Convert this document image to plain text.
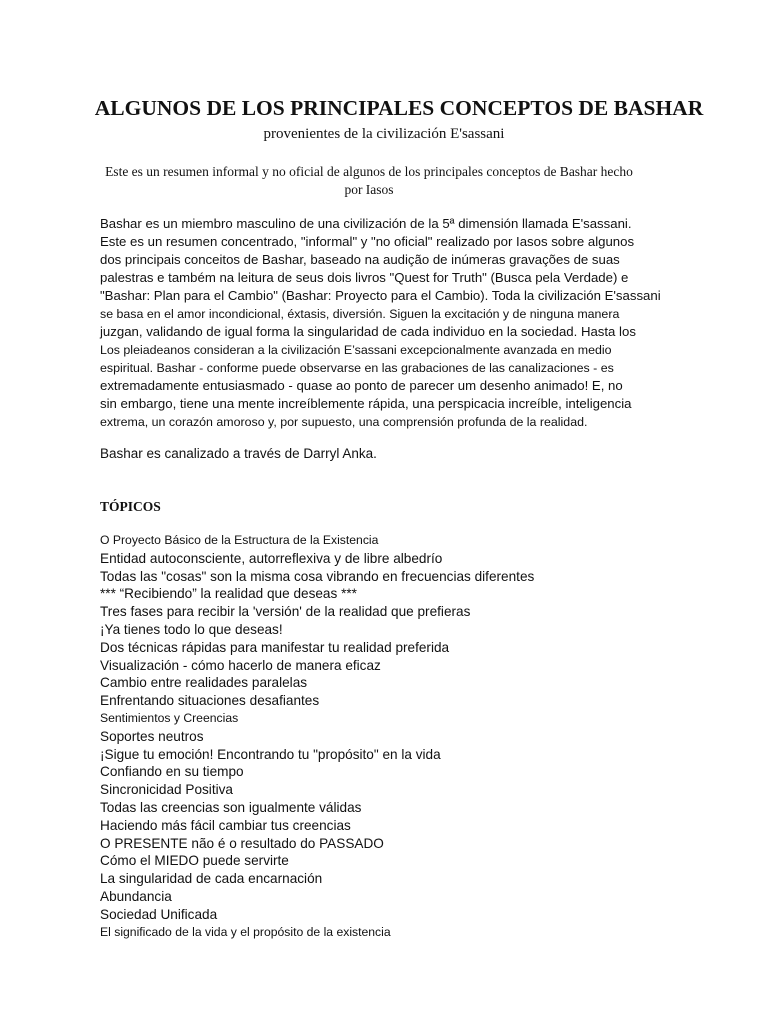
ALGUNOS DE LOS PRINCIPALES CONCEPTOS DE BASHAR
provenientes de la civilización E'sassani
Este es un resumen informal y no oficial de algunos de los principales conceptos de Bashar hecho
por Iasos
Bashar es un miembro masculino de una civilización de la 5ª dimensión llamada E'sassani.
Este es un resumen concentrado, "informal" y "no oficial" realizado por Iasos sobre algunos
dos principais conceitos de Bashar, baseado na audição de inúmeras gravações de suas
palestras e também na leitura de seus dois livros "Quest for Truth" (Busca pela Verdade) e
"Bashar: Plan para el Cambio" (Bashar: Proyecto para el Cambio). Toda la civilización E'sassani
se basa en el amor incondicional, éxtasis, diversión. Siguen la excitación y de ninguna manera
juzgan, validando de igual forma la singularidad de cada individuo en la sociedad. Hasta los
Los pleiadeanos consideran a la civilización E’sassani excepcionalmente avanzada en medio
espiritual. Bashar - conforme puede observarse en las grabaciones de las canalizaciones - es
extremadamente entusiasmado - quase ao ponto de parecer um desenho animado! E, no
sin embargo, tiene una mente increíblemente rápida, una perspicacia increíble, inteligencia
extrema, un corazón amoroso y, por supuesto, una comprensión profunda de la realidad.
Bashar es canalizado a través de Darryl Anka.
TÓPICOS
O Proyecto Básico de la Estructura de la Existencia
Entidad autoconsciente, autorreflexiva y de libre albedrío
Todas las "cosas" son la misma cosa vibrando en frecuencias diferentes
*** “Recibiendo” la realidad que deseas ***
Tres fases para recibir la 'versión' de la realidad que prefieras
¡Ya tienes todo lo que deseas!
Dos técnicas rápidas para manifestar tu realidad preferida
Visualización - cómo hacerlo de manera eficaz
Cambio entre realidades paralelas
Enfrentando situaciones desafiantes
Sentimientos y Creencias
Soportes neutros
¡Sigue tu emoción! Encontrando tu "propósito" en la vida
Confiando en su tiempo
Sincronicidad Positiva
Todas las creencias son igualmente válidas
Haciendo más fácil cambiar tus creencias
O PRESENTE não é o resultado do PASSADO
Cómo el MIEDO puede servirte
La singularidad de cada encarnación
Abundancia
Sociedad Unificada
El significado de la vida y el propósito de la existencia
